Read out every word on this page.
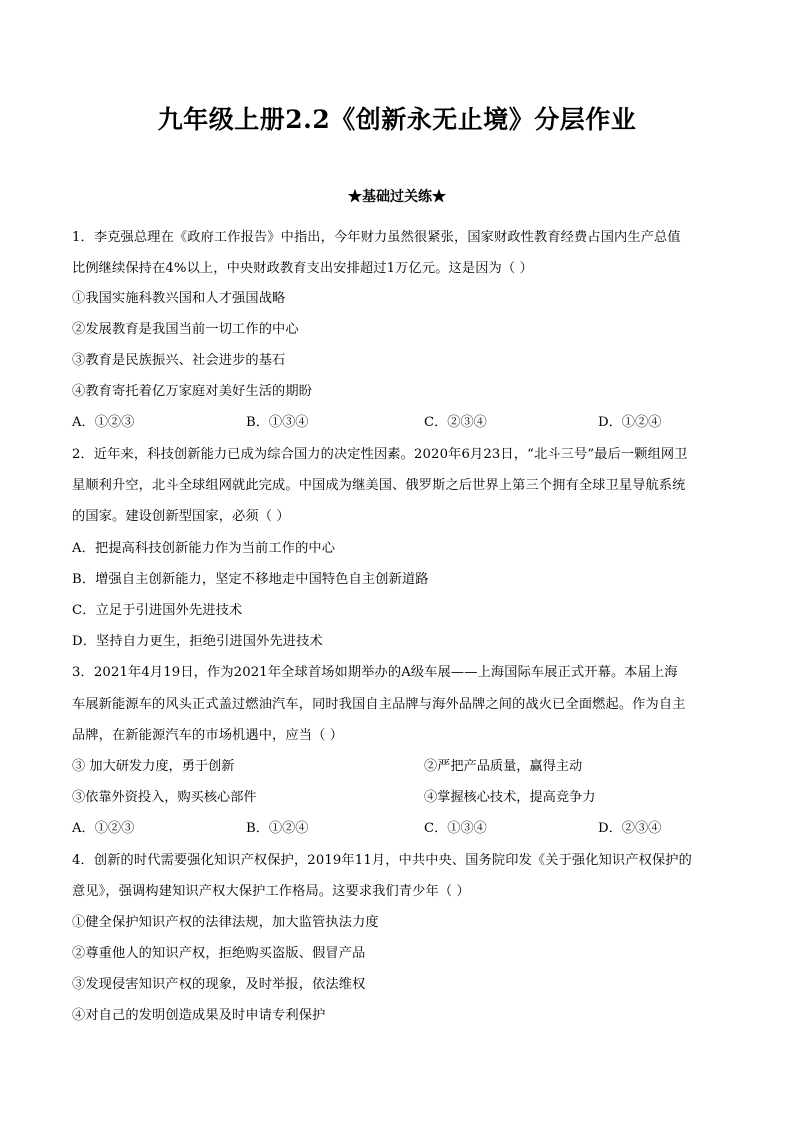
九年级上册2.2《创新永无止境》分层作业
★基础过关练★
1．李克强总理在《政府工作报告》中指出，今年财力虽然很紧张，国家财政性教育经费占国内生产总值
比例继续保持在4%以上，中央财政教育支出安排超过1万亿元。这是因为（ ）
①我国实施科教兴国和人才强国战略
②发展教育是我国当前一切工作的中心
③教育是民族振兴、社会进步的基石
④教育寄托着亿万家庭对美好生活的期盼
A．①②③	B．①③④	C．②③④	D．①②④
2．近年来，科技创新能力已成为综合国力的决定性因素。2020年6月23日，“北斗三号”最后一颗组网卫
星顺利升空，北斗全球组网就此完成。中国成为继美国、俄罗斯之后世界上第三个拥有全球卫星导航系统
的国家。建设创新型国家，必须（ ）
A．把提高科技创新能力作为当前工作的中心
B．增强自主创新能力，坚定不移地走中国特色自主创新道路
C．立足于引进国外先进技术
D．坚持自力更生，拒绝引进国外先进技术
3．2021年4月19日，作为2021年全球首场如期举办的A级车展——上海国际车展正式开幕。本届上海
车展新能源车的风头正式盖过燃油汽车，同时我国自主品牌与海外品牌之间的战火已全面燃起。作为自主
品牌，在新能源汽车的市场机遇中，应当（ ）
③ 加大研发力度，勇于创新	②严把产品质量，赢得主动
③依靠外资投入，购买核心部件	④掌握核心技术，提高竞争力
A．①②③	B．①②④	C．①③④	D．②③④
4．创新的时代需要强化知识产权保护，2019年11月，中共中央、国务院印发《关于强化知识产权保护的
意见》，强调构建知识产权大保护工作格局。这要求我们青少年（ ）
①健全保护知识产权的法律法规，加大监管执法力度
②尊重他人的知识产权，拒绝购买盗版、假冒产品
③发现侵害知识产权的现象，及时举报，依法维权
④对自己的发明创造成果及时申请专利保护
